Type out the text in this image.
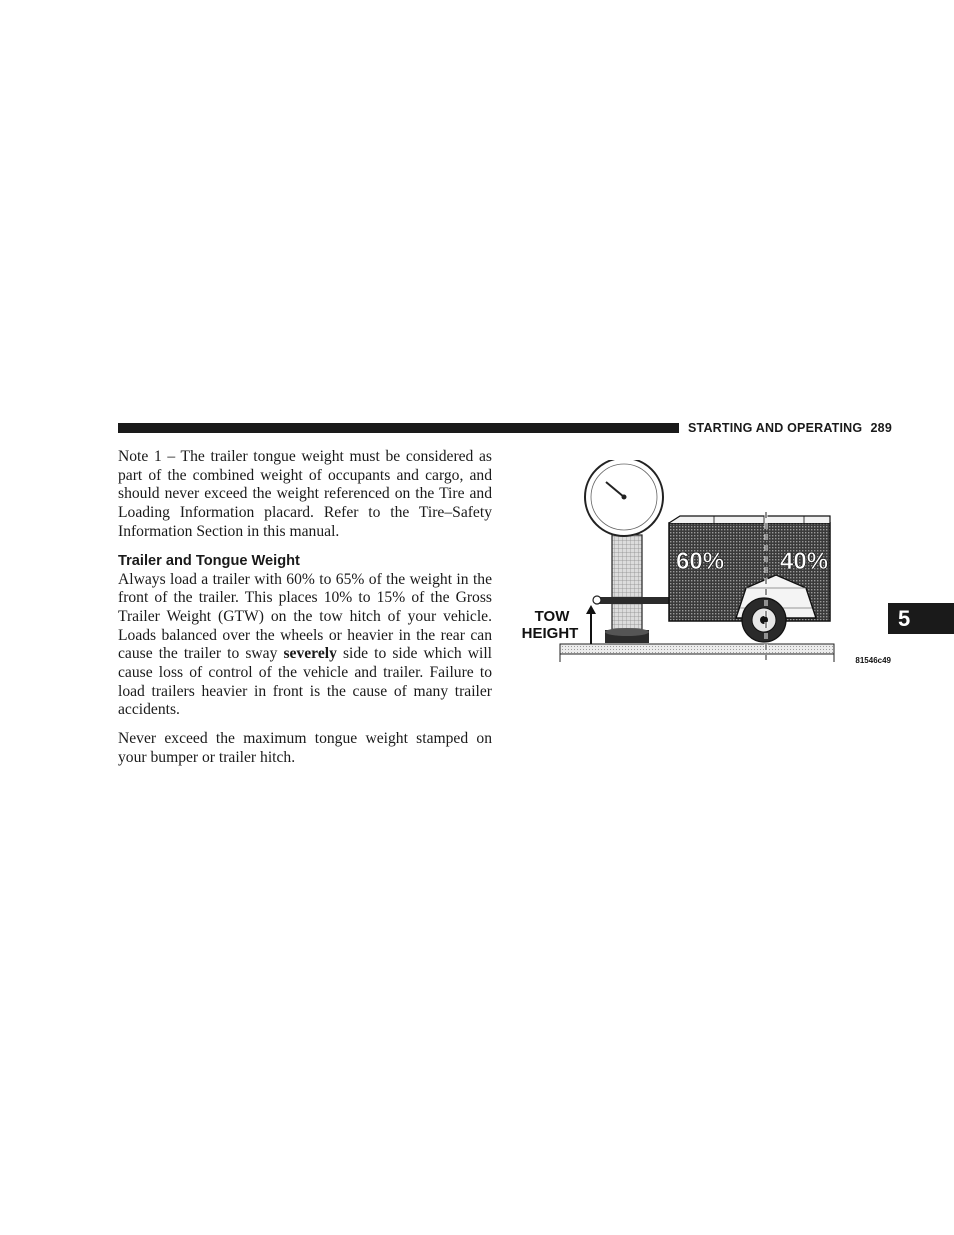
STARTING AND OPERATING 289

Note 1 – The trailer tongue weight must be considered as part of the combined weight of occupants and cargo, and should never exceed the weight referenced on the Tire and Loading Information placard. Refer to the Tire–Safety Information Section in this manual.

Trailer and Tongue Weight

Always load a trailer with 60% to 65% of the weight in the front of the trailer. This places 10% to 15% of the Gross Trailer Weight (GTW) on the tow hitch of your vehicle. Loads balanced over the wheels or heavier in the rear can cause the trailer to sway severely side to side which will cause loss of control of the vehicle and trailer. Failure to load trailers heavier in front is the cause of many trailer accidents.

Never exceed the maximum tongue weight stamped on your bumper or trailer hitch.

TOW
HEIGHT
60% 40%
81546c49
5
